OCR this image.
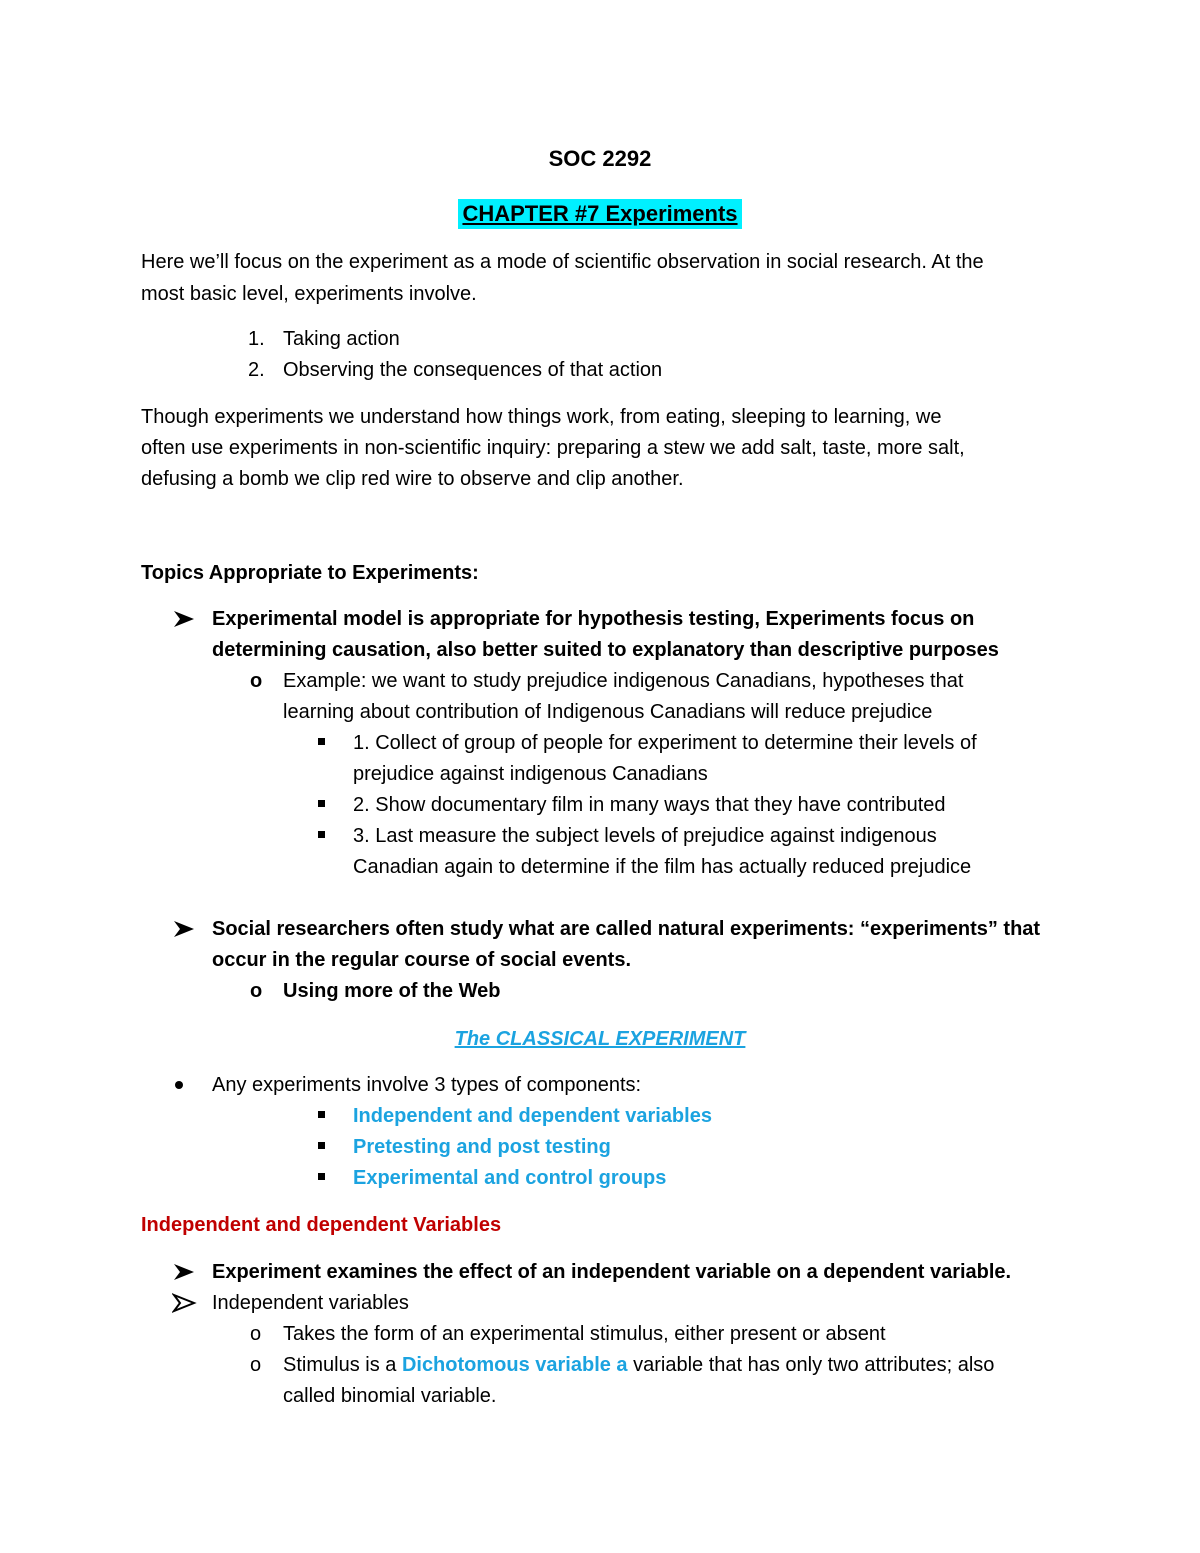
SOC 2292
CHAPTER #7 Experiments
Here we’ll focus on the experiment as a mode of scientific observation in social research. At the
most basic level, experiments involve.
1. Taking action
2. Observing the consequences of that action
Though experiments we understand how things work, from eating, sleeping to learning, we
often use experiments in non-scientific inquiry: preparing a stew we add salt, taste, more salt,
defusing a bomb we clip red wire to observe and clip another.
Topics Appropriate to Experiments:
Experimental model is appropriate for hypothesis testing, Experiments focus on
determining causation, also better suited to explanatory than descriptive purposes
o Example: we want to study prejudice indigenous Canadians, hypotheses that
learning about contribution of Indigenous Canadians will reduce prejudice
1. Collect of group of people for experiment to determine their levels of
prejudice against indigenous Canadians
2. Show documentary film in many ways that they have contributed
3. Last measure the subject levels of prejudice against indigenous
Canadian again to determine if the film has actually reduced prejudice
Social researchers often study what are called natural experiments: “experiments” that
occur in the regular course of social events.
o Using more of the Web
The CLASSICAL EXPERIMENT
Any experiments involve 3 types of components:
Independent and dependent variables
Pretesting and post testing
Experimental and control groups
Independent and dependent Variables
Experiment examines the effect of an independent variable on a dependent variable.
Independent variables
o Takes the form of an experimental stimulus, either present or absent
o Stimulus is a Dichotomous variable a variable that has only two attributes; also
called binomial variable.
